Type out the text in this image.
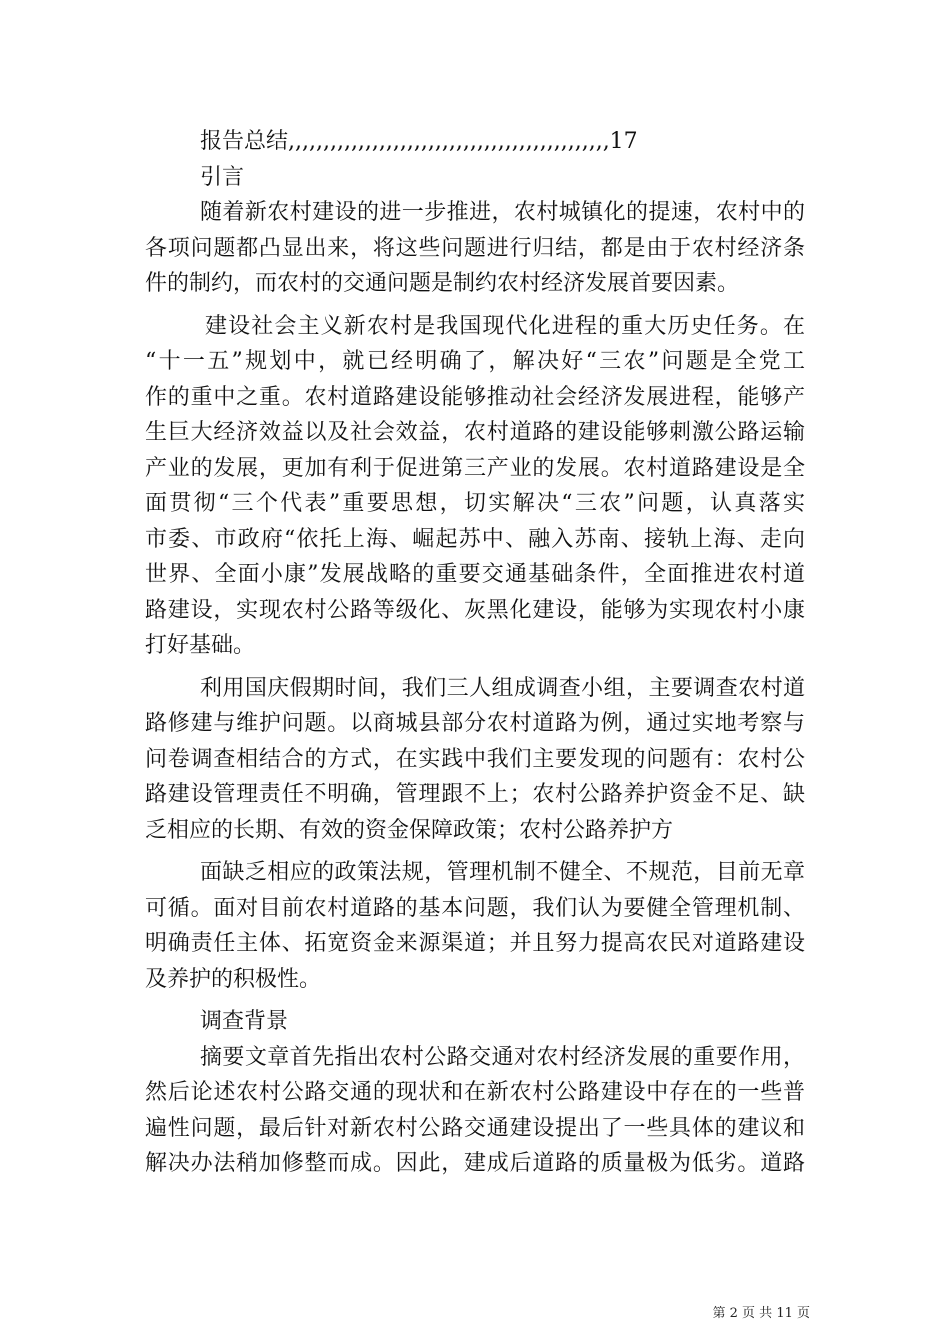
报告总结,,,,,,,,,,,,,,,,,,,,,,,,,,,,,,,,,,,,,,,,,,,,,,17

引言

随着新农村建设的进一步推进，农村城镇化的提速，农村中的

各项问题都凸显出来，将这些问题进行归结，都是由于农村经济条

件的制约，而农村的交通问题是制约农村经济发展首要因素。

建设社会主义新农村是我国现代化进程的重大历史任务。在

“十一五”规划中，就已经明确了，解决好“三农”问题是全党工

作的重中之重。农村道路建设能够推动社会经济发展进程，能够产

生巨大经济效益以及社会效益，农村道路的建设能够刺激公路运输

产业的发展，更加有利于促进第三产业的发展。农村道路建设是全

面贯彻“三个代表”重要思想，切实解决“三农”问题，认真落实

市委、市政府“依托上海、崛起苏中、融入苏南、接轨上海、走向

世界、全面小康”发展战略的重要交通基础条件，全面推进农村道

路建设，实现农村公路等级化、灰黑化建设，能够为实现农村小康

打好基础。

利用国庆假期时间，我们三人组成调查小组，主要调查农村道

路修建与维护问题。以商城县部分农村道路为例，通过实地考察与

问卷调查相结合的方式，在实践中我们主要发现的问题有：农村公

路建设管理责任不明确，管理跟不上；农村公路养护资金不足、缺

乏相应的长期、有效的资金保障政策；农村公路养护方

面缺乏相应的政策法规，管理机制不健全、不规范，目前无章

可循。面对目前农村道路的基本问题，我们认为要健全管理机制、

明确责任主体、拓宽资金来源渠道；并且努力提高农民对道路建设

及养护的积极性。

调查背景

摘要文章首先指出农村公路交通对农村经济发展的重要作用，

然后论述农村公路交通的现状和在新农村公路建设中存在的一些普

遍性问题，最后针对新农村公路交通建设提出了一些具体的建议和

解决办法稍加修整而成。因此，建成后道路的质量极为低劣。道路

第 2 页 共 11 页
